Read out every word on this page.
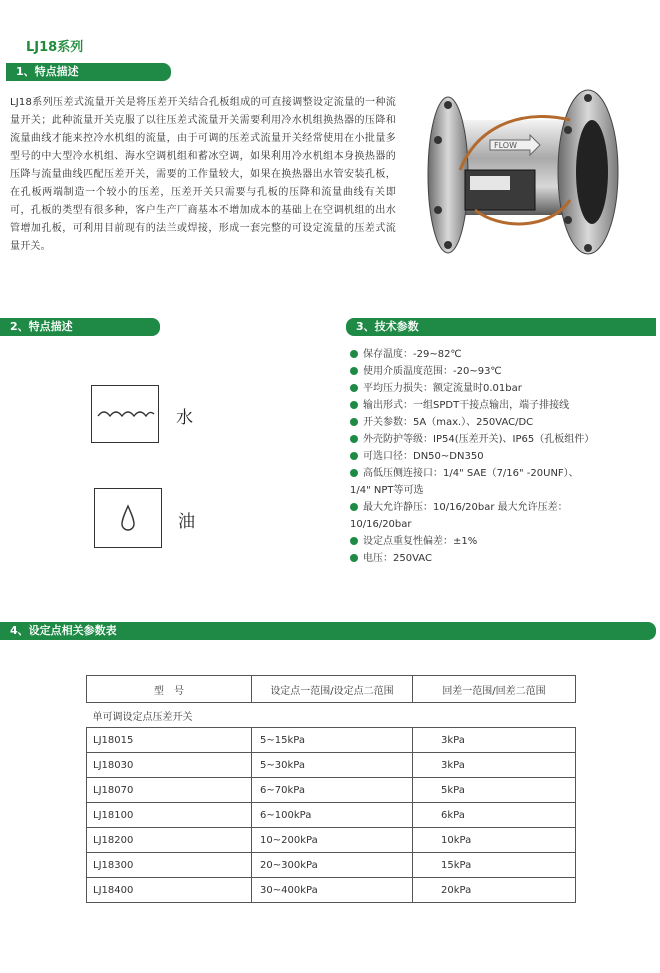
LJ18系列
1、特点描述
LJ18系列压差式流量开关是将压差开关结合孔板组成的可直接调整设定流量的一种流量开关；此种流量开关克服了以往压差式流量开关需要利用冷水机组换热器的压降和流量曲线才能来控冷水机组的流量，由于可调的压差式流量开关经常使用在小批量多型号的中大型冷水机组、海水空调机组和蓄冰空调，如果利用冷水机组本身换热器的压降与流量曲线匹配压差开关，需要的工作量较大，如果在换热器出水管安装孔板，在孔板两端制造一个较小的压差，压差开关只需要与孔板的压降和流量曲线有关即可，孔板的类型有很多种，客户生产厂商基本不增加成本的基础上在空调机组的出水管增加孔板，可利用目前现有的法兰或焊接，形成一套完整的可设定流量的压差式流量开关。
FLOW
2、特点描述	3、技术参数
水
油
保存温度：-29~82℃
使用介质温度范围：-20~93℃
平均压力损失：额定流量时0.01bar
输出形式：一组SPDT干接点输出，端子排接线
开关参数：5A（max.）、250VAC/DC
外壳防护等级：IP54(压差开关)、IP65（孔板组件）
可选口径：DN50~DN350
高低压侧连接口：1/4" SAE（7/16" -20UNF）、
1/4" NPT等可选
最大允许静压：10/16/20bar 最大允许压差：
10/16/20bar
设定点重复性偏差：±1%
电压：250VAC
4、设定点相关参数表
型　号	设定点一范围/设定点二范围	回差一范围/回差二范围
单可调设定点压差开关		
LJ18015	5~15kPa	3kPa
LJ18030	5~30kPa	3kPa
LJ18070	6~70kPa	5kPa
LJ18100	6~100kPa	6kPa
LJ18200	10~200kPa	10kPa
LJ18300	20~300kPa	15kPa
LJ18400	30~400kPa	20kPa
